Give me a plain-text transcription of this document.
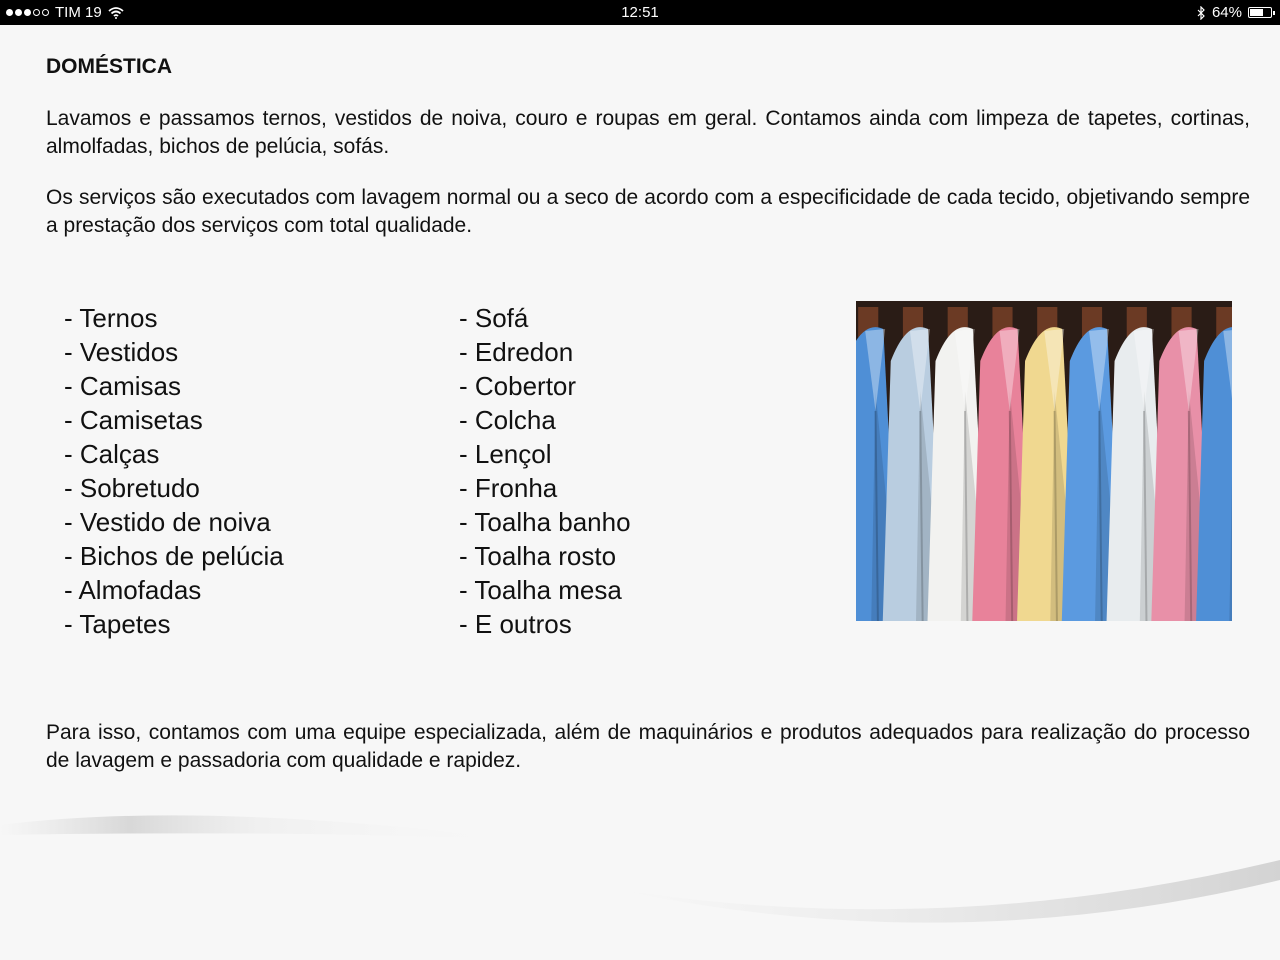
TIM 19	12:51	64%
DOMÉSTICA

Lavamos e passamos ternos, vestidos de noiva, couro e roupas em geral. Contamos ainda com limpeza de tapetes, cortinas, almolfadas, bichos de pelúcia, sofás.

Os serviços são executados com lavagem normal ou a seco de acordo com a especificidade de cada tecido, objetivando sempre a prestação dos serviços com total qualidade.

- Ternos
- Vestidos
- Camisas
- Camisetas
- Calças
- Sobretudo
- Vestido de noiva
- Bichos de pelúcia
- Almofadas
- Tapetes
- Sofá
- Edredon
- Cobertor
- Colcha
- Lençol
- Fronha
- Toalha banho
- Toalha rosto
- Toalha mesa
- E outros

Para isso, contamos com uma equipe especializada, além de maquinários e produtos adequados para realização do processo de lavagem e passadoria com qualidade e rapidez.
